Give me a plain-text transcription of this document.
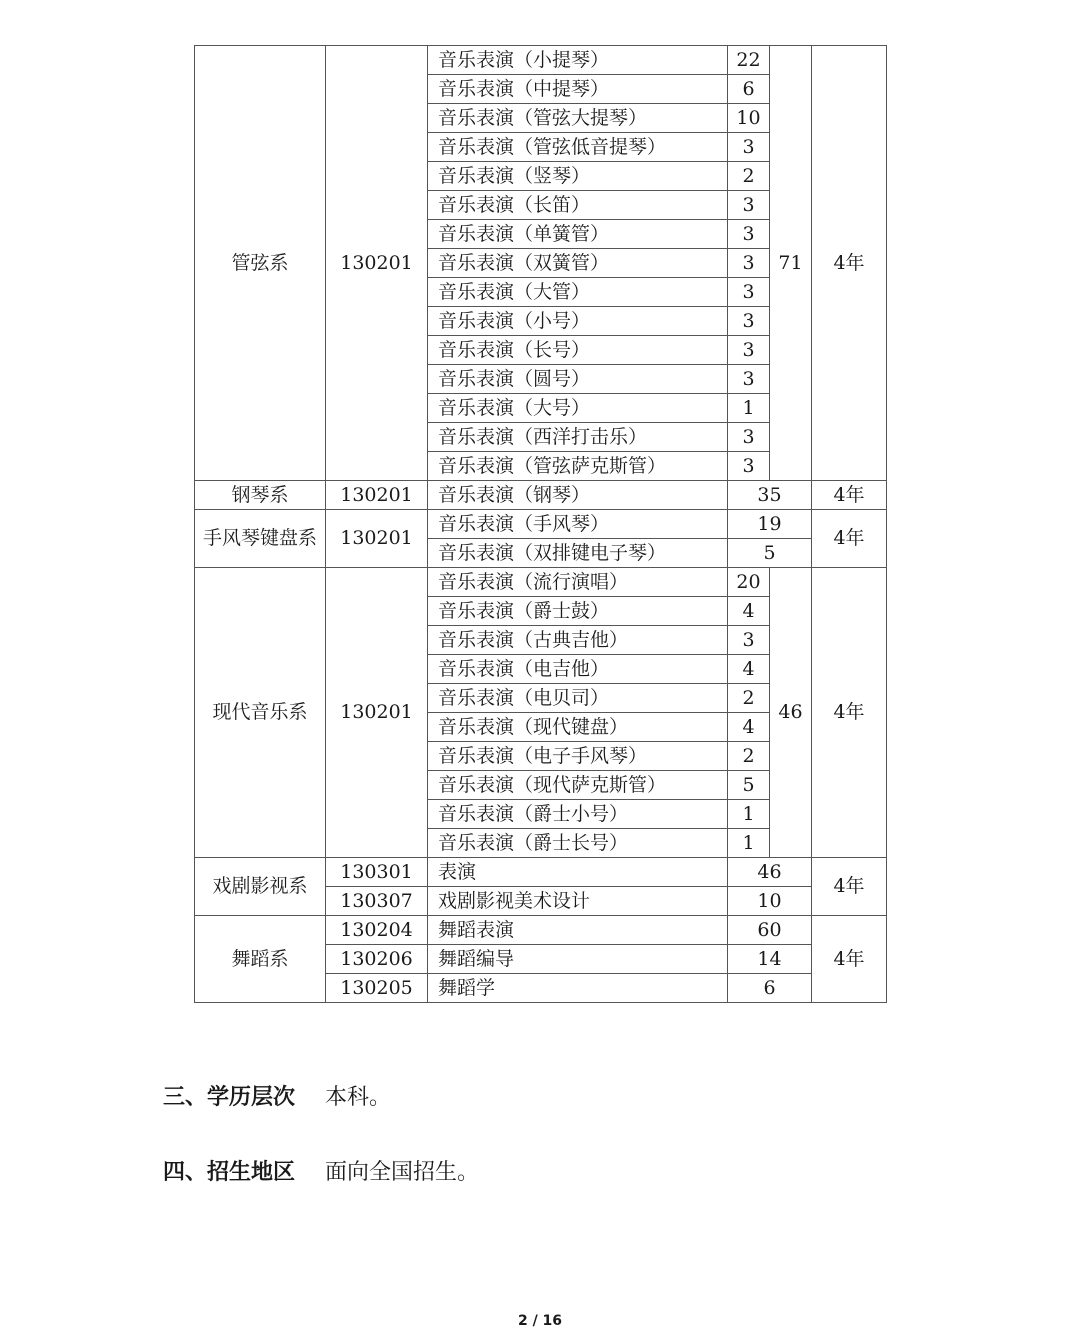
管弦系	130201	音乐表演（小提琴）	22	71	4年
		音乐表演（中提琴）	6		
		音乐表演（管弦大提琴）	10		
		音乐表演（管弦低音提琴）	3		
		音乐表演（竖琴）	2		
		音乐表演（长笛）	3		
		音乐表演（单簧管）	3		
		音乐表演（双簧管）	3		
		音乐表演（大管）	3		
		音乐表演（小号）	3		
		音乐表演（长号）	3		
		音乐表演（圆号）	3		
		音乐表演（大号）	1		
		音乐表演（西洋打击乐）	3		
		音乐表演（管弦萨克斯管）	3		
钢琴系	130201	音乐表演（钢琴）	35		4年
手风琴键盘系	130201	音乐表演（手风琴）	19		4年
		音乐表演（双排键电子琴）	5		
现代音乐系	130201	音乐表演（流行演唱）	20	46	4年
		音乐表演（爵士鼓）	4		
		音乐表演（古典吉他）	3		
		音乐表演（电吉他）	4		
		音乐表演（电贝司）	2		
		音乐表演（现代键盘）	4		
		音乐表演（电子手风琴）	2		
		音乐表演（现代萨克斯管）	5		
		音乐表演（爵士小号）	1		
		音乐表演（爵士长号）	1		
戏剧影视系	130301	表演	46		4年
	130307	戏剧影视美术设计	10		
舞蹈系	130204	舞蹈表演	60		4年
	130206	舞蹈编导	14		
	130205	舞蹈学	6		
三、学历层次 本科。
四、招生地区 面向全国招生。
2 / 16
